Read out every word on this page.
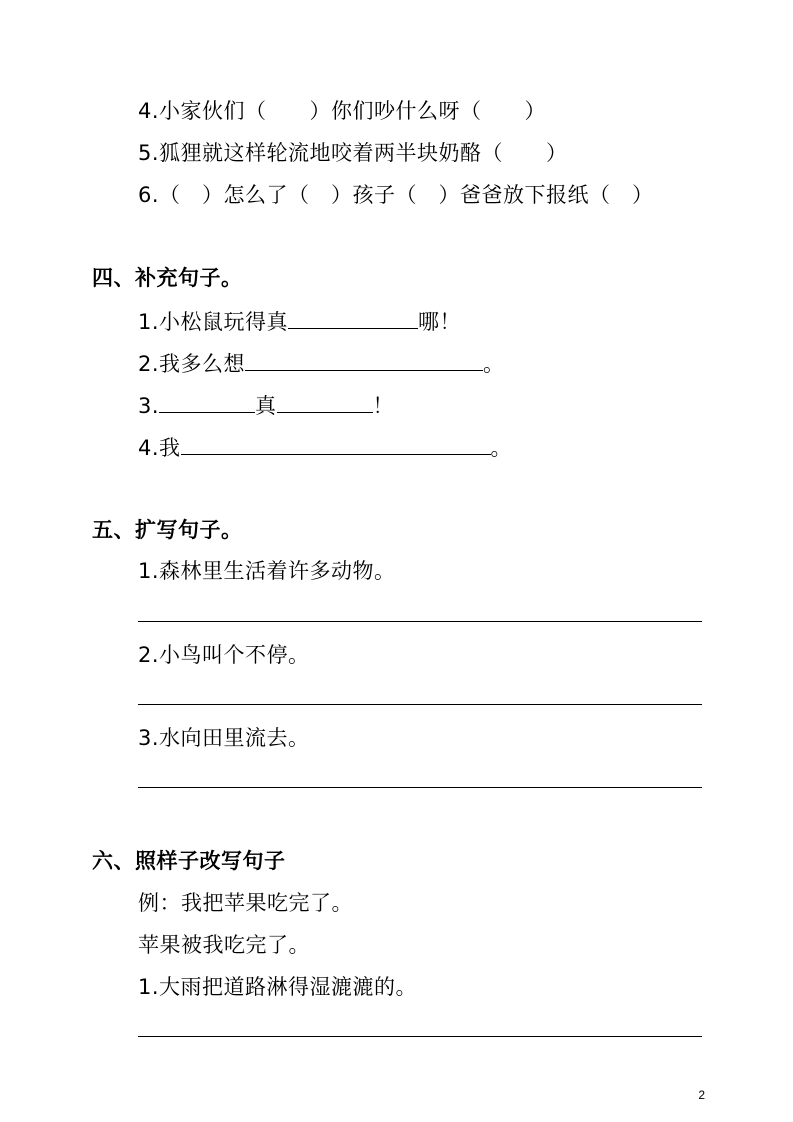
4.小家伙们（　　）你们吵什么呀（　　）
5.狐狸就这样轮流地咬着两半块奶酪（　　）
6.（　）怎么了（　）孩子（　）爸爸放下报纸（　）
四、补充句子。
1.小松鼠玩得真	哪！
2.我多么想	。
3.	真	！
4.我	。
五、扩写句子。
1.森林里生活着许多动物。
2.小鸟叫个不停。
3.水向田里流去。
六、照样子改写句子
例：我把苹果吃完了。
苹果被我吃完了。
1.大雨把道路淋得湿漉漉的。
2
